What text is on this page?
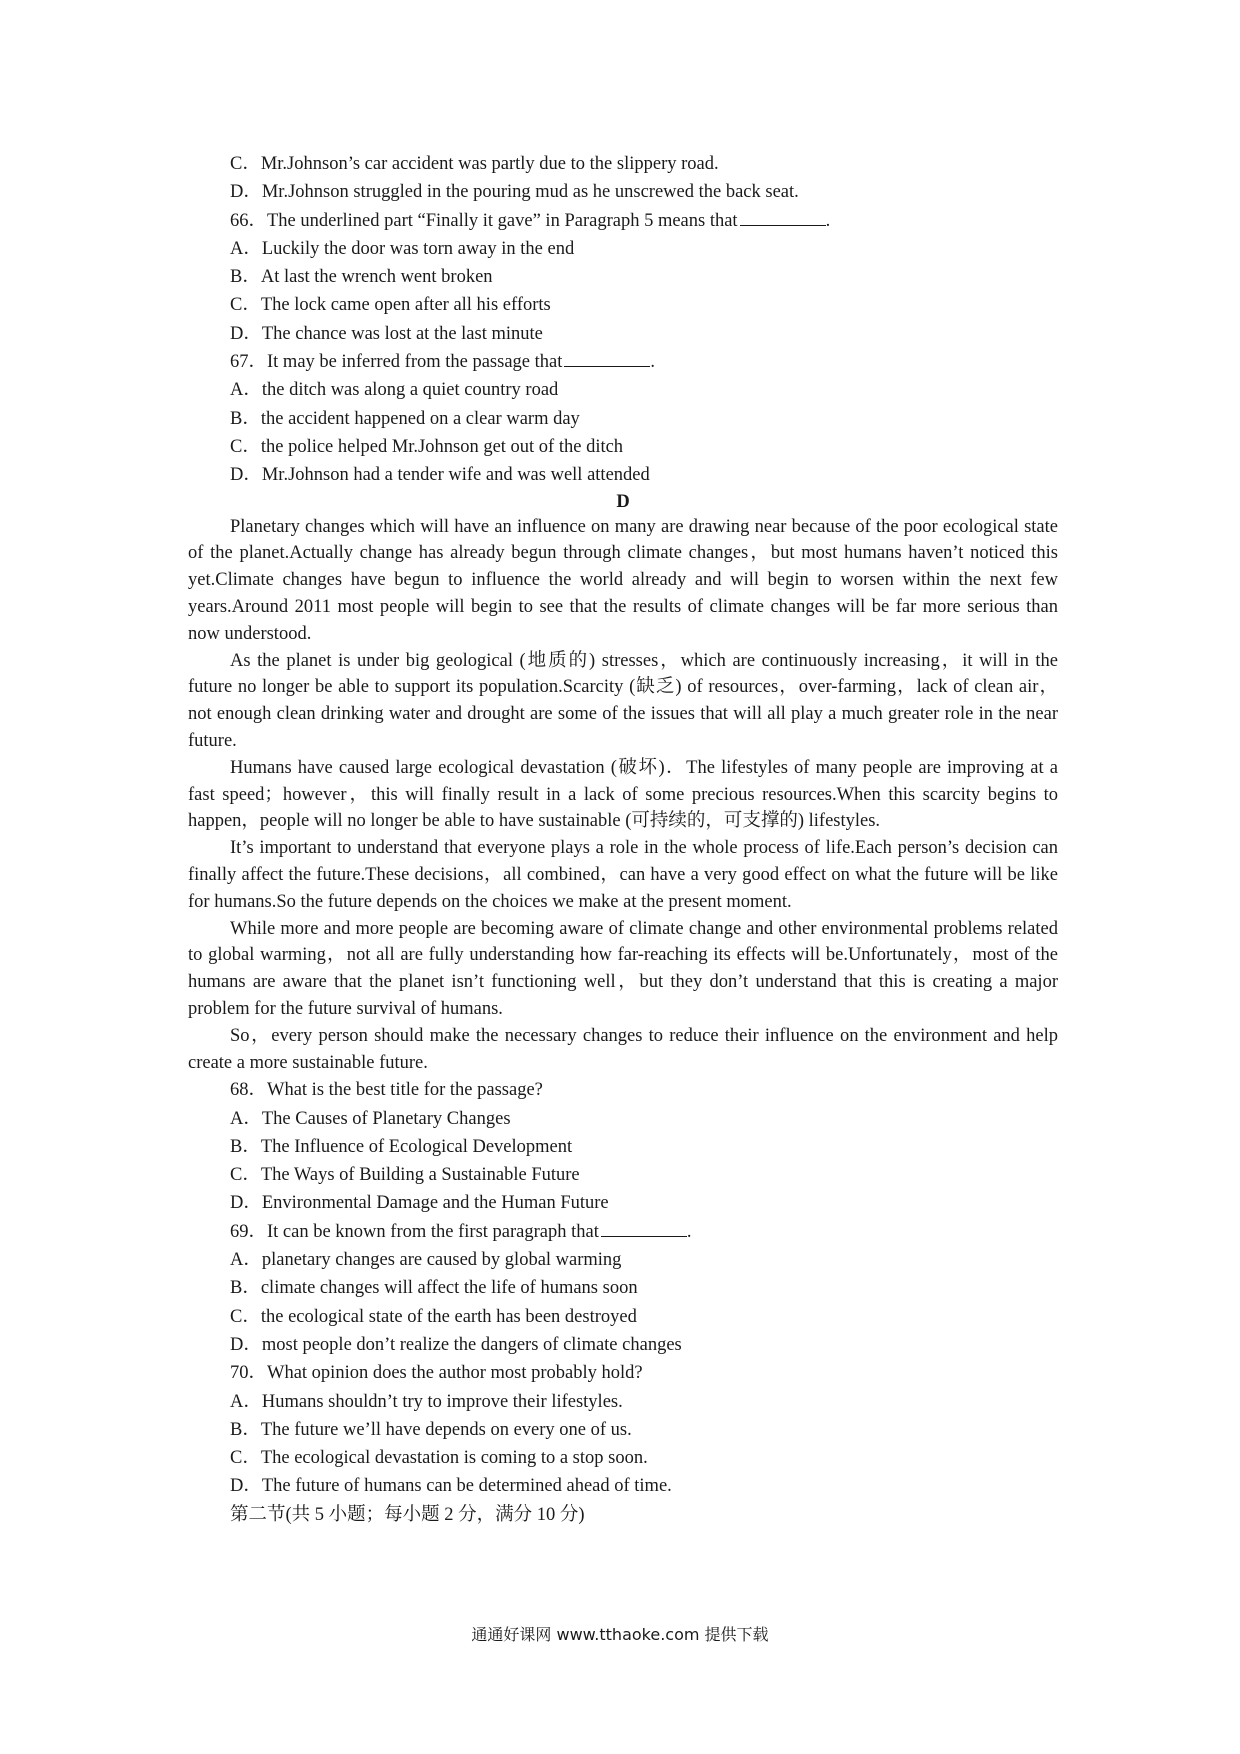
C．Mr.Johnson’s car accident was partly due to the slippery road.
D．Mr.Johnson struggled in the pouring mud as he unscrewed the back seat.
66．The underlined part “Finally it gave” in Paragraph 5 means that	.
A．Luckily the door was torn away in the end
B．At last the wrench went broken
C．The lock came open after all his efforts
D．The chance was lost at the last minute
67．It may be inferred from the passage that	.
A．the ditch was along a quiet country road
B．the accident happened on a clear warm day
C．the police helped Mr.Johnson get out of the ditch
D．Mr.Johnson had a tender wife and was well attended
D

Planetary changes which will have an influence on many are drawing near because of the poor ecological state of the planet.Actually change has already begun through climate changes，but most humans haven’t noticed this yet.Climate changes have begun to influence the world already and will begin to worsen within the next few years.Around 2011 most people will begin to see that the results of climate changes will be far more serious than now understood.

As the planet is under big geological (地质的) stresses，which are continuously increasing，it will in the future no longer be able to support its population.Scarcity (缺乏) of resources，over-farming，lack of clean air，not enough clean drinking water and drought are some of the issues that will all play a much greater role in the near future.

Humans have caused large ecological devastation (破坏)．The lifestyles of many people are improving at a fast speed；however，this will finally result in a lack of some precious resources.When this scarcity begins to happen，people will no longer be able to have sustainable (可持续的，可支撑的) lifestyles.

It’s important to understand that everyone plays a role in the whole process of life.Each person’s decision can finally affect the future.These decisions，all combined，can have a very good effect on what the future will be like for humans.So the future depends on the choices we make at the present moment.

While more and more people are becoming aware of climate change and other environmental problems related to global warming，not all are fully understanding how far-reaching its effects will be.Unfortunately，most of the humans are aware that the planet isn’t functioning well，but they don’t understand that this is creating a major problem for the future survival of humans.

So，every person should make the necessary changes to reduce their influence on the environment and help create a more sustainable future.

68．What is the best title for the passage?
A．The Causes of Planetary Changes
B．The Influence of Ecological Development
C．The Ways of Building a Sustainable Future
D．Environmental Damage and the Human Future
69．It can be known from the first paragraph that	.
A．planetary changes are caused by global warming
B．climate changes will affect the life of humans soon
C．the ecological state of the earth has been destroyed
D．most people don’t realize the dangers of climate changes
70．What opinion does the author most probably hold?
A．Humans shouldn’t try to improve their lifestyles.
B．The future we’ll have depends on every one of us.
C．The ecological devastation is coming to a stop soon.
D．The future of humans can be determined ahead of time.
第二节(共 5 小题；每小题 2 分，满分 10 分)
通通好课网 www.tthaoke.com 提供下载
